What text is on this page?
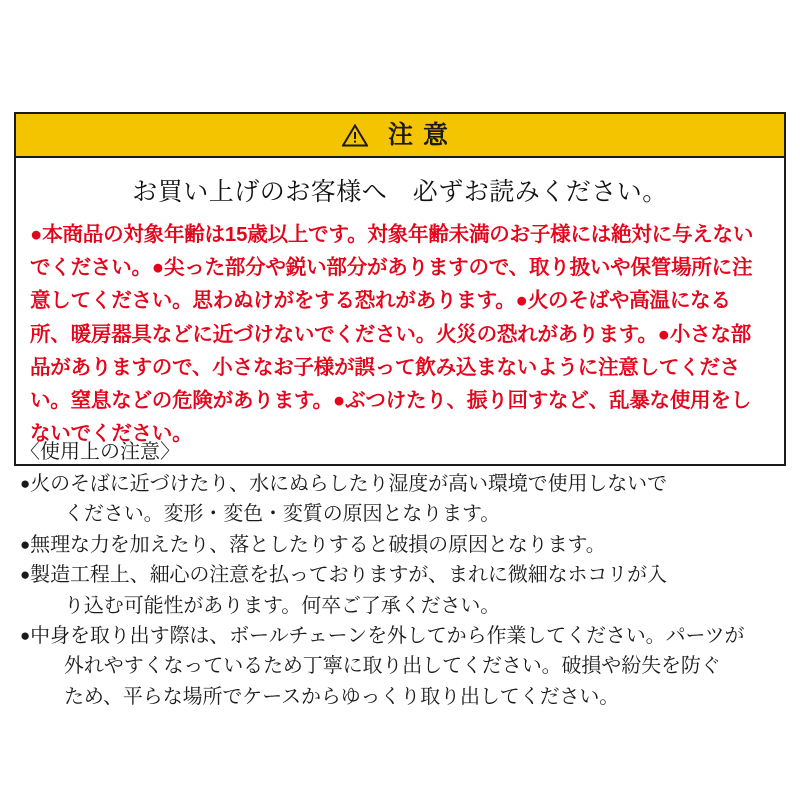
注意
お買い上げのお客様へ　必ずお読みください。
●本商品の対象年齢は15歳以上です。対象年齢未満のお子様には絶対に与えないでください。●尖った部分や鋭い部分がありますので、取り扱いや保管場所に注意してください。思わぬけがをする恐れがあります。●火のそばや高温になる所、暖房器具などに近づけないでください。火災の恐れがあります。●小さな部品がありますので、小さなお子様が誤って飲み込まないように注意してください。窒息などの危険があります。●ぶつけたり、振り回すなど、乱暴な使用をしないでください。
〈使用上の注意〉
●火のそばに近づけたり、水にぬらしたり湿度が高い環境で使用しないで
ください。変形・変色・変質の原因となります。
●無理な力を加えたり、落としたりすると破損の原因となります。
●製造工程上、細心の注意を払っておりますが、まれに微細なホコリが入
り込む可能性があります。何卒ご了承ください。
●中身を取り出す際は、ボールチェーンを外してから作業してください。パーツが
外れやすくなっているため丁寧に取り出してください。破損や紛失を防ぐ
ため、平らな場所でケースからゆっくり取り出してください。
